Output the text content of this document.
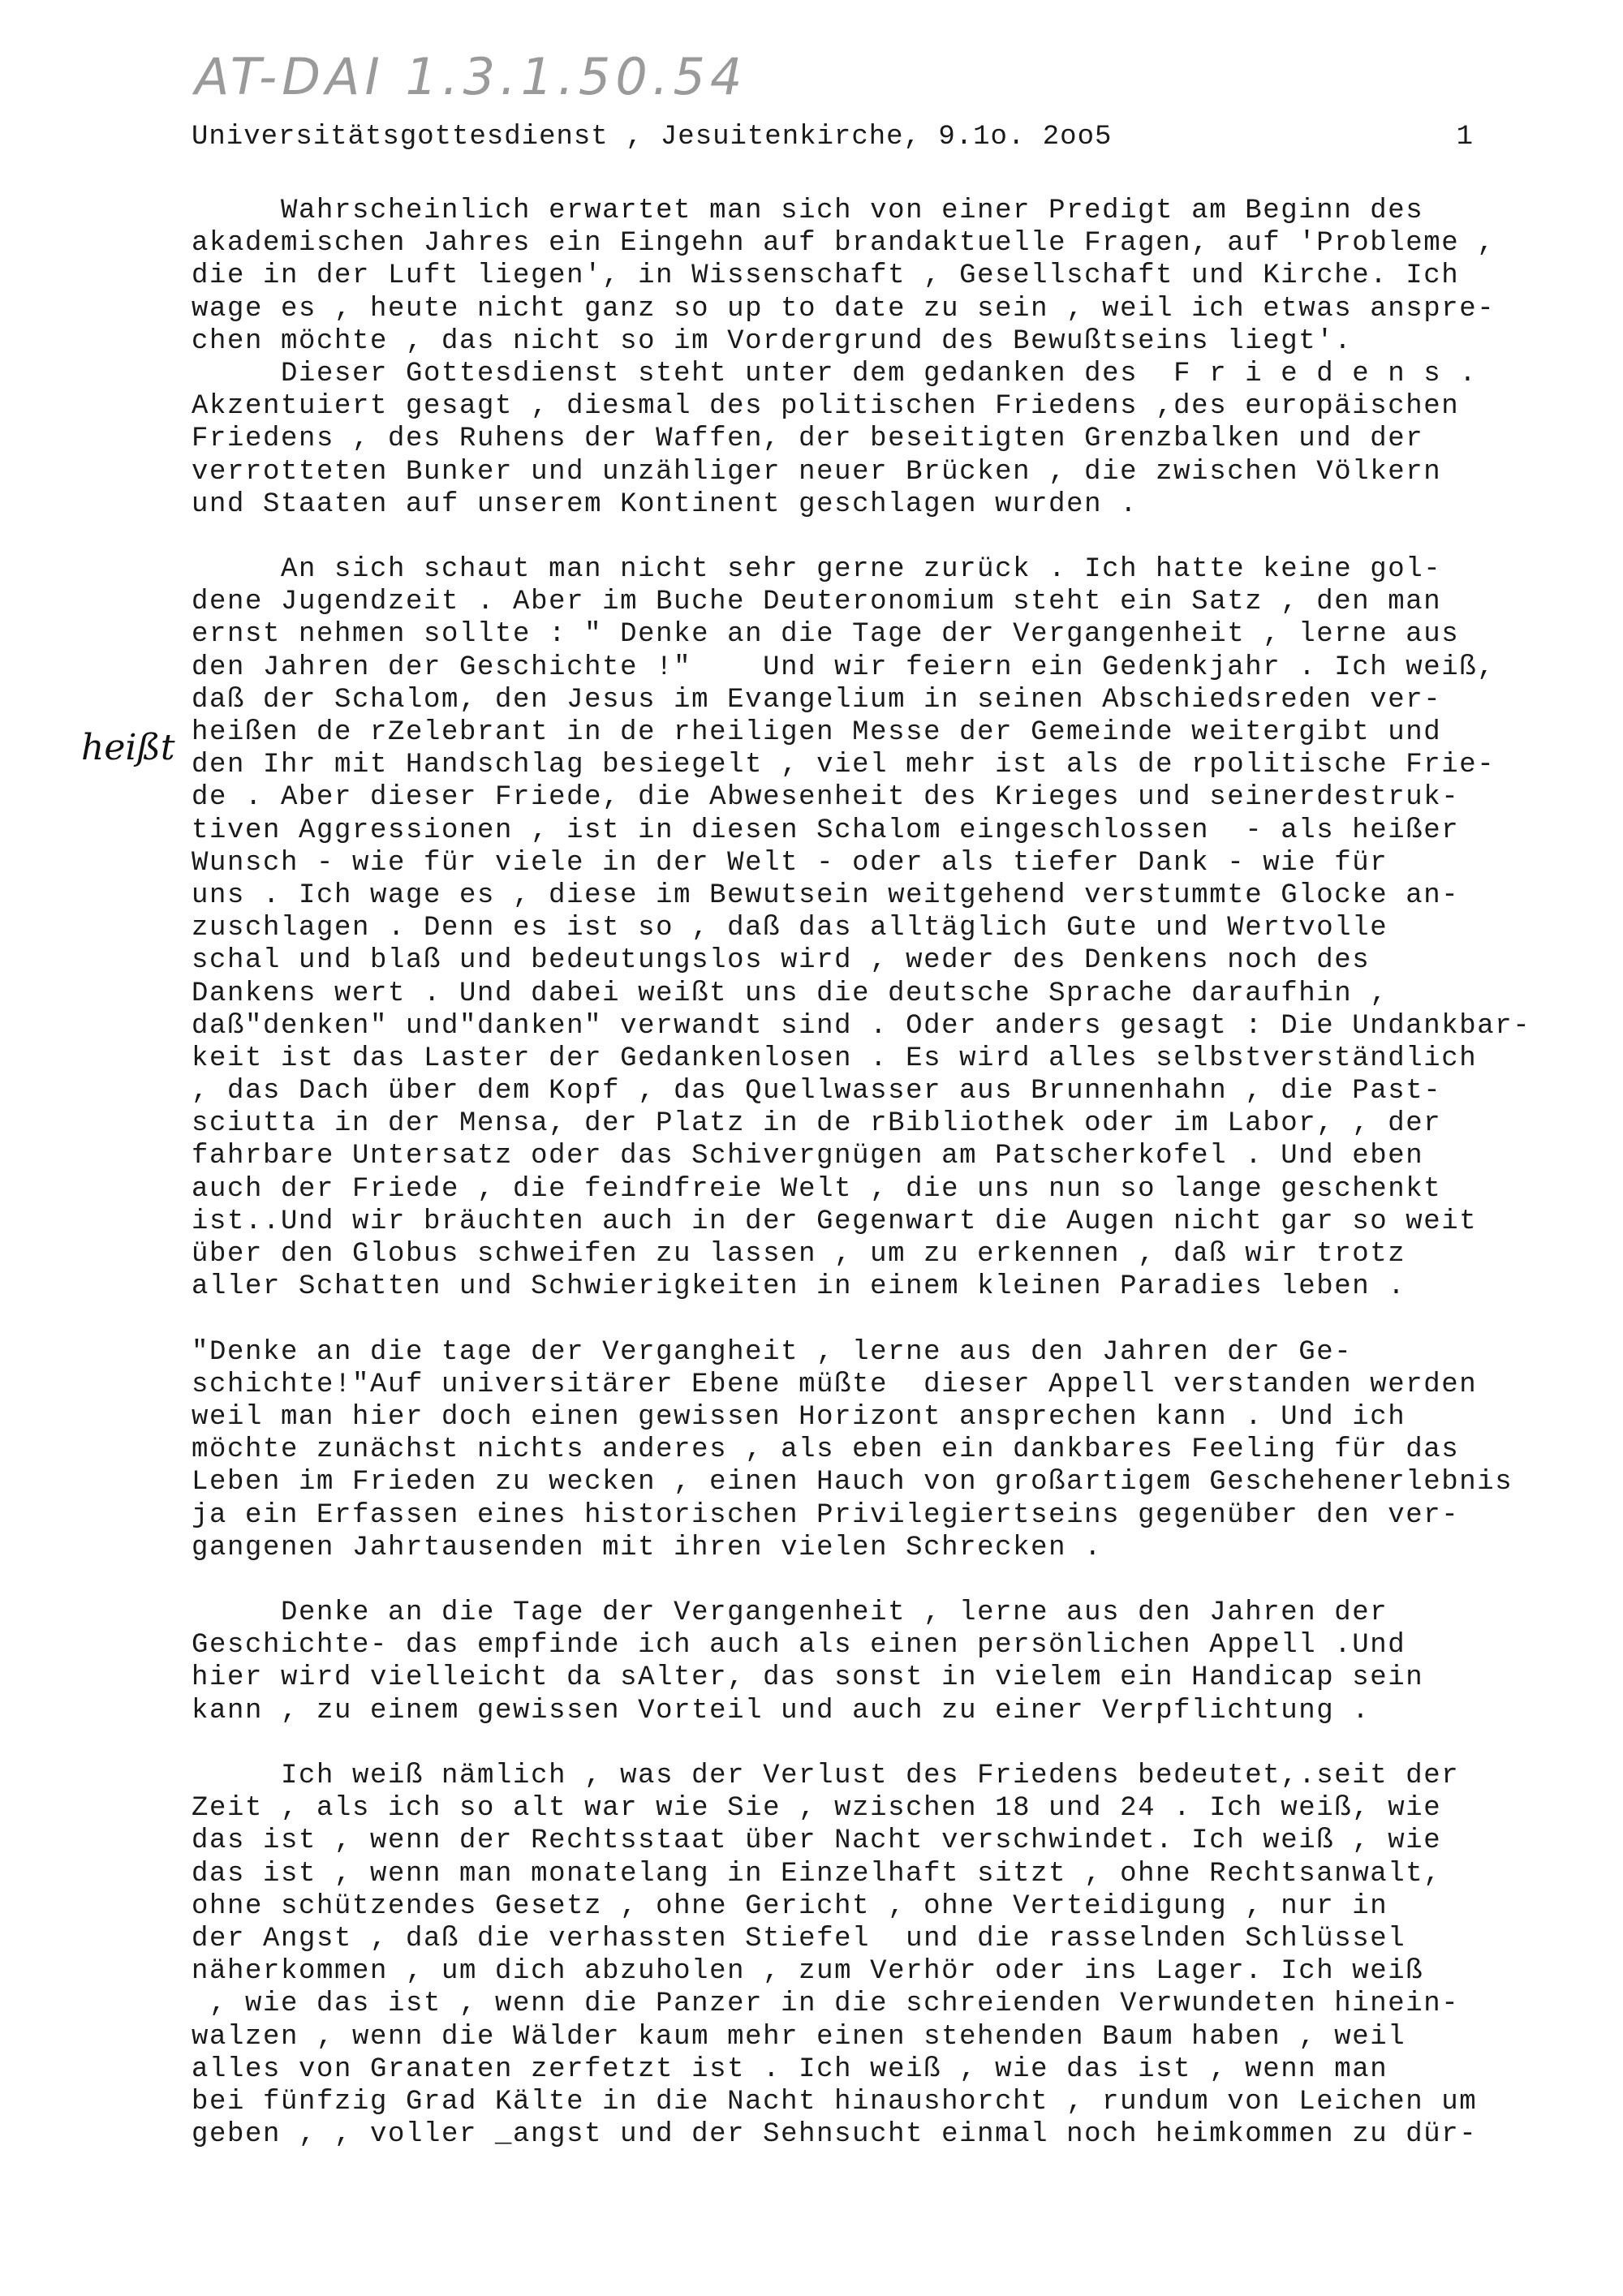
AT-DAI 1.3.1.50.54
Universitätsgottesdienst , Jesuitenkirche, 9.1o. 2oo5	1
heißt
Wahrscheinlich erwartet man sich von einer Predigt am Beginn des
akademischen Jahres ein Eingehn auf brandaktuelle Fragen, auf 'Probleme ,
die in der Luft liegen', in Wissenschaft , Gesellschaft und Kirche. Ich
wage es , heute nicht ganz so up to date zu sein , weil ich etwas anspre-
chen möchte , das nicht so im Vordergrund des Bewußtseins liegt'.
Dieser Gottesdienst steht unter dem gedanken des  F r i e d e n s .
Akzentuiert gesagt , diesmal des politischen Friedens ,des europäischen
Friedens , des Ruhens der Waffen, der beseitigten Grenzbalken und der
verrotteten Bunker und unzähliger neuer Brücken , die zwischen Völkern
und Staaten auf unserem Kontinent geschlagen wurden .

An sich schaut man nicht sehr gerne zurück . Ich hatte keine gol-
dene Jugendzeit . Aber im Buche Deuteronomium steht ein Satz , den man
ernst nehmen sollte : " Denke an die Tage der Vergangenheit , lerne aus
den Jahren der Geschichte !"    Und wir feiern ein Gedenkjahr . Ich weiß,
daß der Schalom, den Jesus im Evangelium in seinen Abschiedsreden ver-
heißen de rZelebrant in de rheiligen Messe der Gemeinde weitergibt und
den Ihr mit Handschlag besiegelt , viel mehr ist als de rpolitische Frie-
de . Aber dieser Friede, die Abwesenheit des Krieges und seinerdestruk-
tiven Aggressionen , ist in diesen Schalom eingeschlossen  - als heißer
Wunsch - wie für viele in der Welt - oder als tiefer Dank - wie für
uns . Ich wage es , diese im Bewutsein weitgehend verstummte Glocke an-
zuschlagen . Denn es ist so , daß das alltäglich Gute und Wertvolle
schal und blaß und bedeutungslos wird , weder des Denkens noch des
Dankens wert . Und dabei weißt uns die deutsche Sprache daraufhin ,
daß"denken" und"danken" verwandt sind . Oder anders gesagt : Die Undankbar-
keit ist das Laster der Gedankenlosen . Es wird alles selbstverständlich
, das Dach über dem Kopf , das Quellwasser aus Brunnenhahn , die Past-
sciutta in der Mensa, der Platz in de rBibliothek oder im Labor, , der
fahrbare Untersatz oder das Schivergnügen am Patscherkofel . Und eben
auch der Friede , die feindfreie Welt , die uns nun so lange geschenkt
ist..Und wir bräuchten auch in der Gegenwart die Augen nicht gar so weit
über den Globus schweifen zu lassen , um zu erkennen , daß wir trotz
aller Schatten und Schwierigkeiten in einem kleinen Paradies leben .

"Denke an die tage der Vergangheit , lerne aus den Jahren der Ge-
schichte!"Auf universitärer Ebene müßte  dieser Appell verstanden werden
weil man hier doch einen gewissen Horizont ansprechen kann . Und ich
möchte zunächst nichts anderes , als eben ein dankbares Feeling für das
Leben im Frieden zu wecken , einen Hauch von großartigem Geschehenerlebnis
ja ein Erfassen eines historischen Privilegiertseins gegenüber den ver-
gangenen Jahrtausenden mit ihren vielen Schrecken .

Denke an die Tage der Vergangenheit , lerne aus den Jahren der
Geschichte- das empfinde ich auch als einen persönlichen Appell .Und
hier wird vielleicht da sAlter, das sonst in vielem ein Handicap sein
kann , zu einem gewissen Vorteil und auch zu einer Verpflichtung .

Ich weiß nämlich , was der Verlust des Friedens bedeutet,.seit der
Zeit , als ich so alt war wie Sie , wzischen 18 und 24 . Ich weiß, wie
das ist , wenn der Rechtsstaat über Nacht verschwindet. Ich weiß , wie
das ist , wenn man monatelang in Einzelhaft sitzt , ohne Rechtsanwalt,
ohne schützendes Gesetz , ohne Gericht , ohne Verteidigung , nur in
der Angst , daß die verhassten Stiefel  und die rasselnden Schlüssel
näherkommen , um dich abzuholen , zum Verhör oder ins Lager. Ich weiß
, wie das ist , wenn die Panzer in die schreienden Verwundeten hinein-
walzen , wenn die Wälder kaum mehr einen stehenden Baum haben , weil
alles von Granaten zerfetzt ist . Ich weiß , wie das ist , wenn man
bei fünfzig Grad Kälte in die Nacht hinaushorcht , rundum von Leichen um
geben , , voller _angst und der Sehnsucht einmal noch heimkommen zu dür-
